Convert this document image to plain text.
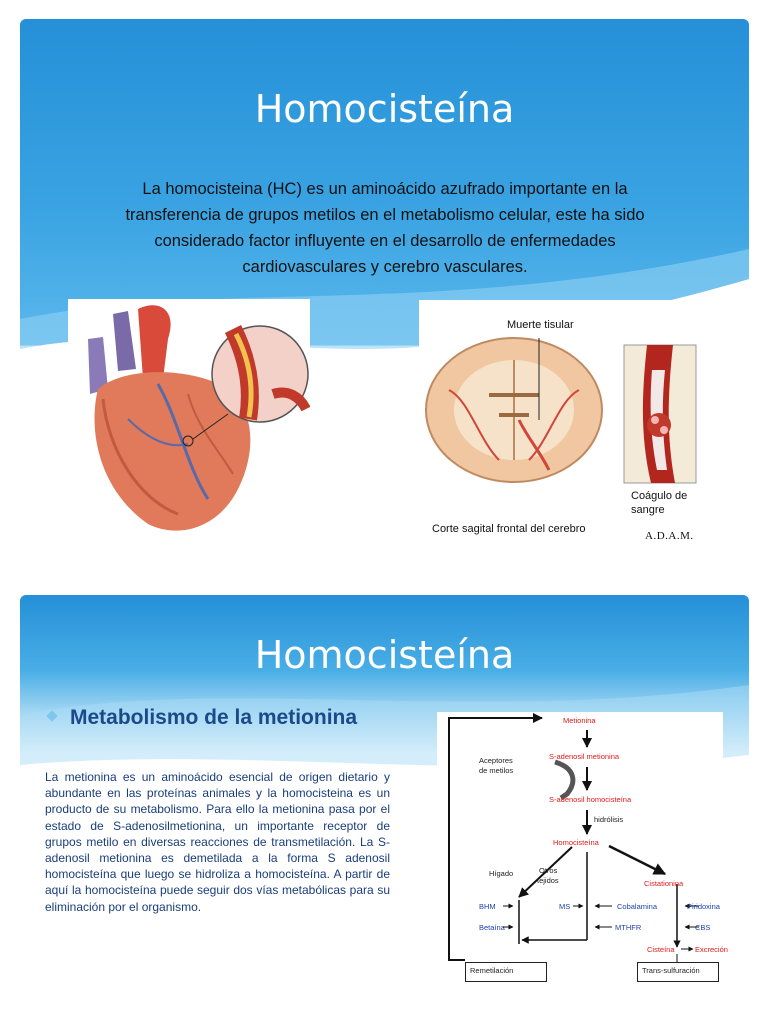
Homocisteína
La homocisteina (HC) es un aminoácido azufrado importante en la transferencia de grupos metilos en el metabolismo celular, este ha sido considerado factor influyente en el desarrollo de enfermedades cardiovasculares y cerebro vasculares.
Muerte tisular
Corte sagital frontal del cerebro
Coágulo de
sangre
A.D.A.M.
Homocisteína
Metabolismo de la metionina
La metionina es un aminoácido esencial de origen dietario y abundante en las proteínas animales y la homocisteina es un producto de su metabolismo. Para ello la metionina pasa por el estado de S-adenosilmetionina, un importante receptor de grupos metilo en diversas reacciones de transmetilación. La S-adenosil metionina es demetilada a la forma S adenosil homocisteína que luego se hidroliza a homocisteína. A partir de aquí la homocisteína puede seguir dos vías metabólicas para su eliminación por el organismo.
Metionina
S-adenosil metionina
Aceptores
de metilos
S-adenosil homocisteína
hidrólisis
Homocisteína
Hígado	Otros
tejidos	Cistationina
BHM	MS	Cobalamina	Piridoxina
Betaína	MTHFR	CBS
Cisteína	Excreción
Remetilación	Trans-sulfuración
